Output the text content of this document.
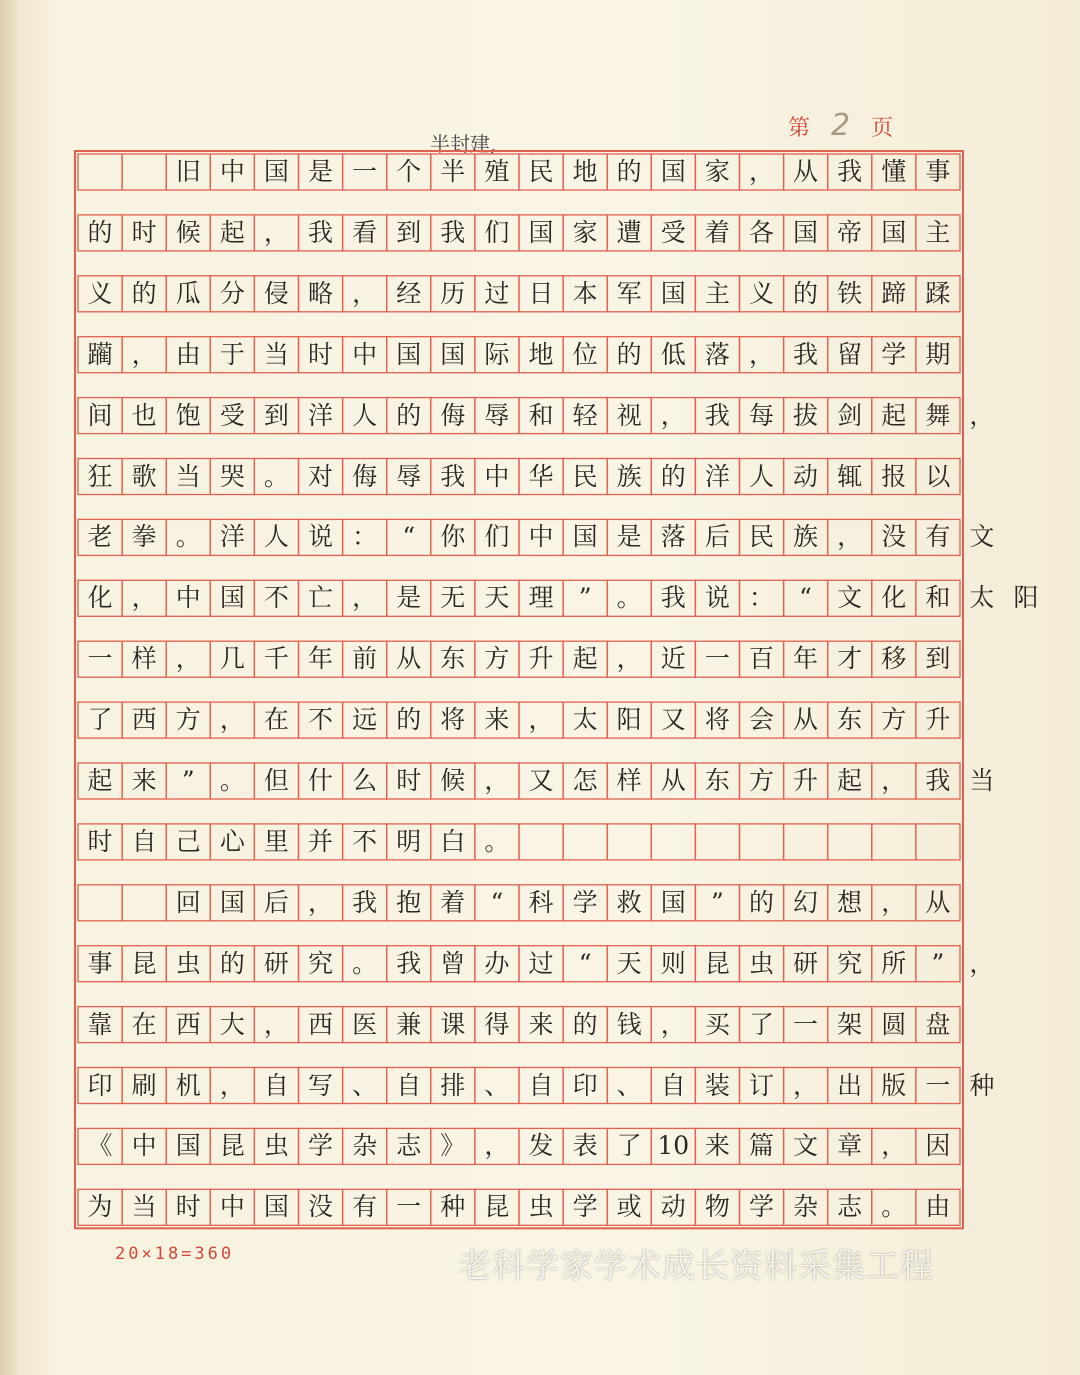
第 2 页
半封建,

旧 中 国 是 一 个 半 殖 民 地 的 国 家 ， 从 我 懂 事
的 时 候 起 ， 我 看 到 我 们 国 家 遭 受 着 各 国 帝 国 主
义 的 瓜 分 侵 略 ， 经 历 过 日 本 军 国 主 义 的 铁 蹄 蹂
躏 ， 由 于 当 时 中 国 国 际 地 位 的 低 落 ， 我 留 学 期
间 也 饱 受 到 洋 人 的 侮 辱 和 轻 视 ， 我 每 拔 剑 起 舞 ，
狂 歌 当 哭 。 对 侮 辱 我 中 华 民 族 的 洋 人 动 辄 报 以
老 拳 。 洋 人 说 ：	“	你 们 中 国 是 落 后 民 族 ， 没 有 文
化 ， 中 国 不 亡 ， 是 无 天 理	”	。 我 说 ：	“	文 化 和 太 阳
一 样 ， 几 千 年 前 从 东 方 升 起 ， 近 一 百 年 才 移 到
了 西 方 ， 在 不 远 的 将 来 ， 太 阳 又 将 会 从 东 方 升
起 来	”	。 但 什 么 时 候 ， 又 怎 样 从 东 方 升 起 ， 我 当
时 自 己 心 里 并 不 明 白 。

回 国 后 ， 我 抱 着	“	科 学 救 国	”	的 幻 想 ， 从
事 昆 虫 的 研 究 。 我 曾 办 过	“	天 则 昆 虫 研 究 所	”	，
靠 在 西 大 ， 西 医 兼 课 得 来 的 钱 ， 买 了 一 架 圆 盘
印 刷 机 ， 自 写 、 自 排 、 自 印 、 自 装 订 ， 出 版 一 种
《 中 国 昆 虫 学 杂 志 》 ， 发 表 了 10 来 篇 文 章 ， 因
为 当 时 中 国 没 有 一 种 昆 虫 学 或 动 物 学 杂 志 。 由
20×18=360	老科学家学术成长资料采集工程
